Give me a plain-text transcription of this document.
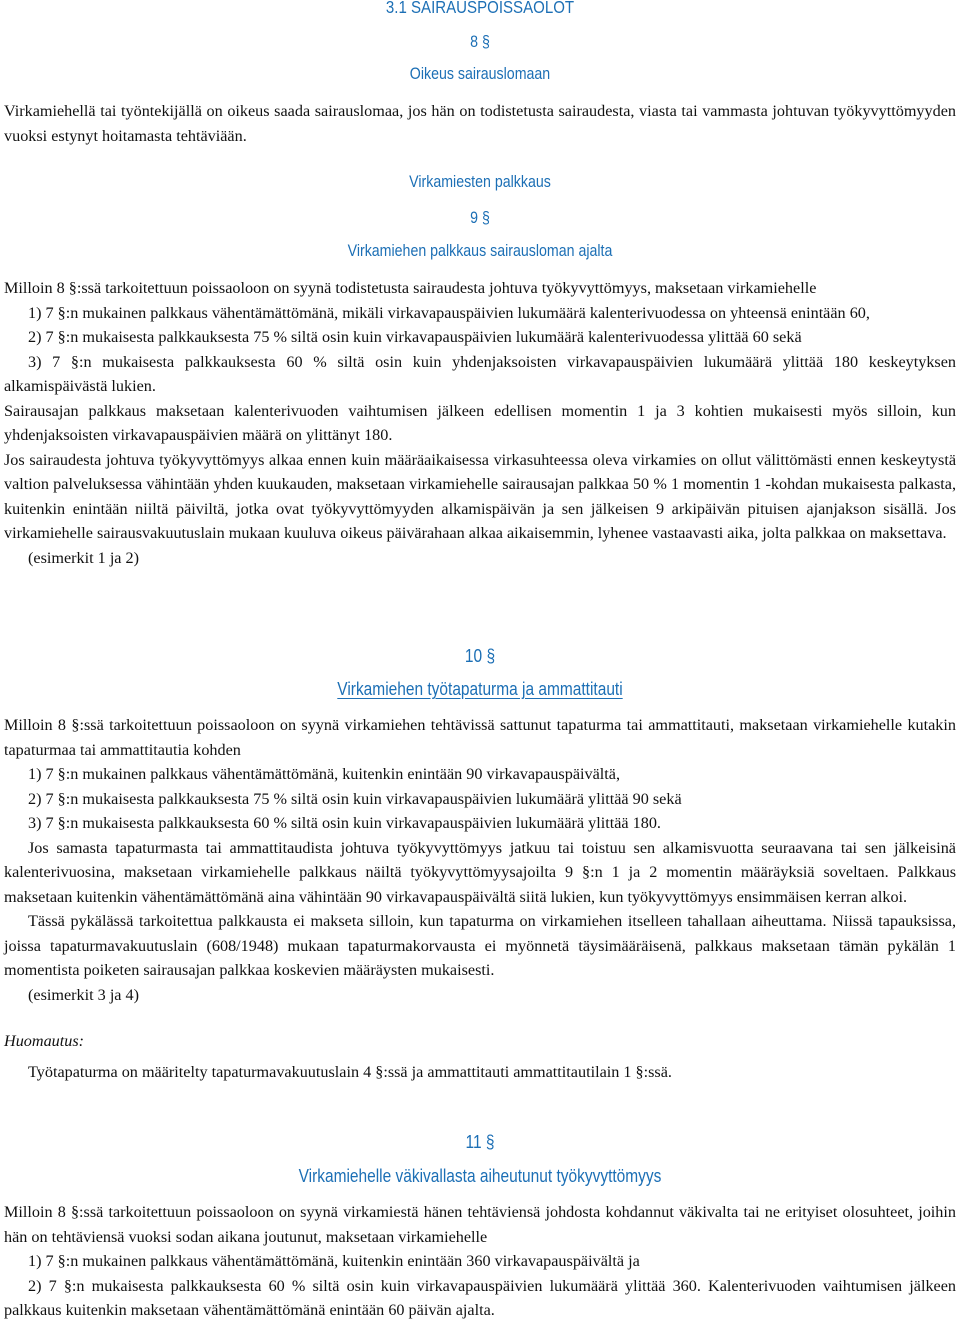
3.1 SAIRAUSPOISSAOLOT

8 §

Oikeus sairauslomaan

Virkamiehellä tai työntekijällä on oikeus saada sairauslomaa, jos hän on todistetusta sairaudesta, viasta tai vammasta johtuvan työkyvyttömyyden vuoksi estynyt hoitamasta tehtäviään.

Virkamiesten palkkaus

9 §

Virkamiehen palkkaus sairausloman ajalta

Milloin 8 §:ssä tarkoitettuun poissaoloon on syynä todistetusta sairaudesta johtuva työkyvyttömyys, maksetaan virkamiehelle

1) 7 §:n mukainen palkkaus vähentämättömänä, mikäli virkavapauspäivien lukumäärä kalenterivuodessa on yhteensä enintään 60,

2) 7 §:n mukaisesta palkkauksesta 75 % siltä osin kuin virkavapauspäivien lukumäärä kalenterivuodessa ylittää 60 sekä

3) 7 §:n mukaisesta palkkauksesta 60 % siltä osin kuin yhdenjaksoisten virkavapauspäivien lukumäärä ylittää 180 keskeytyksen alkamispäivästä lukien.

Sairausajan palkkaus maksetaan kalenterivuoden vaihtumisen jälkeen edellisen momentin 1 ja 3 kohtien mukaisesti myös silloin, kun yhdenjaksoisten virkavapauspäivien määrä on ylittänyt 180.

Jos sairaudesta johtuva työkyvyttömyys alkaa ennen kuin määräaikaisessa virkasuhteessa oleva virkamies on ollut välittömästi ennen keskeytystä valtion palveluksessa vähintään yhden kuukauden, maksetaan virkamiehelle sairausajan palkkaa 50 % 1 momentin 1 -kohdan mukaisesta palkasta, kuitenkin enintään niiltä päiviltä, jotka ovat työkyvyttömyyden alkamispäivän ja sen jälkeisen 9 arkipäivän pituisen ajanjakson sisällä. Jos virkamiehelle sairausvakuutuslain mukaan kuuluva oikeus päivärahaan alkaa aikaisemmin, lyhenee vastaavasti aika, jolta palkkaa on maksettava.

(esimerkit 1 ja 2)

10 §

Virkamiehen työtapaturma ja ammattitauti

Milloin 8 §:ssä tarkoitettuun poissaoloon on syynä virkamiehen tehtävissä sattunut tapaturma tai ammattitauti, maksetaan virkamiehelle kutakin tapaturmaa tai ammattitautia kohden

1) 7 §:n mukainen palkkaus vähentämättömänä, kuitenkin enintään 90 virkavapauspäivältä,

2) 7 §:n mukaisesta palkkauksesta 75 % siltä osin kuin virkavapauspäivien lukumäärä ylittää 90 sekä

3) 7 §:n mukaisesta palkkauksesta 60 % siltä osin kuin virkavapauspäivien lukumäärä ylittää 180.

Jos samasta tapaturmasta tai ammattitaudista johtuva työkyvyttömyys jatkuu tai toistuu sen alkamisvuotta seuraavana tai sen jälkeisinä kalenterivuosina, maksetaan virkamiehelle palkkaus näiltä työkyvyttömyysajoilta 9 §:n 1 ja 2 momentin määräyksiä soveltaen. Palkkaus maksetaan kuitenkin vähentämättömänä aina vähintään 90 virkavapauspäivältä siitä lukien, kun työkyvyttömyys ensimmäisen kerran alkoi.

Tässä pykälässä tarkoitettua palkkausta ei makseta silloin, kun tapaturma on virkamiehen itselleen tahallaan aiheuttama. Niissä tapauksissa, joissa tapaturmavakuutuslain (608/1948) mukaan tapaturmakorvausta ei myönnetä täysimääräisenä, palkkaus maksetaan tämän pykälän 1 momentista poiketen sairausajan palkkaa koskevien määräysten mukaisesti.

(esimerkit 3 ja 4)

Huomautus:

Työtapaturma on määritelty tapaturmavakuutuslain 4 §:ssä ja ammattitauti ammattitautilain 1 §:ssä.

11 §

Virkamiehelle väkivallasta aiheutunut työkyvyttömyys

Milloin 8 §:ssä tarkoitettuun poissaoloon on syynä virkamiestä hänen tehtäviensä johdosta kohdannut väkivalta tai ne erityiset olosuhteet, joihin hän on tehtäviensä vuoksi sodan aikana joutunut, maksetaan virkamiehelle

1) 7 §:n mukainen palkkaus vähentämättömänä, kuitenkin enintään 360 virkavapauspäivältä ja

2) 7 §:n mukaisesta palkkauksesta 60 % siltä osin kuin virkavapauspäivien lukumäärä ylittää 360. Kalenterivuoden vaihtumisen jälkeen palkkaus kuitenkin maksetaan vähentämättömänä enintään 60 päivän ajalta.
